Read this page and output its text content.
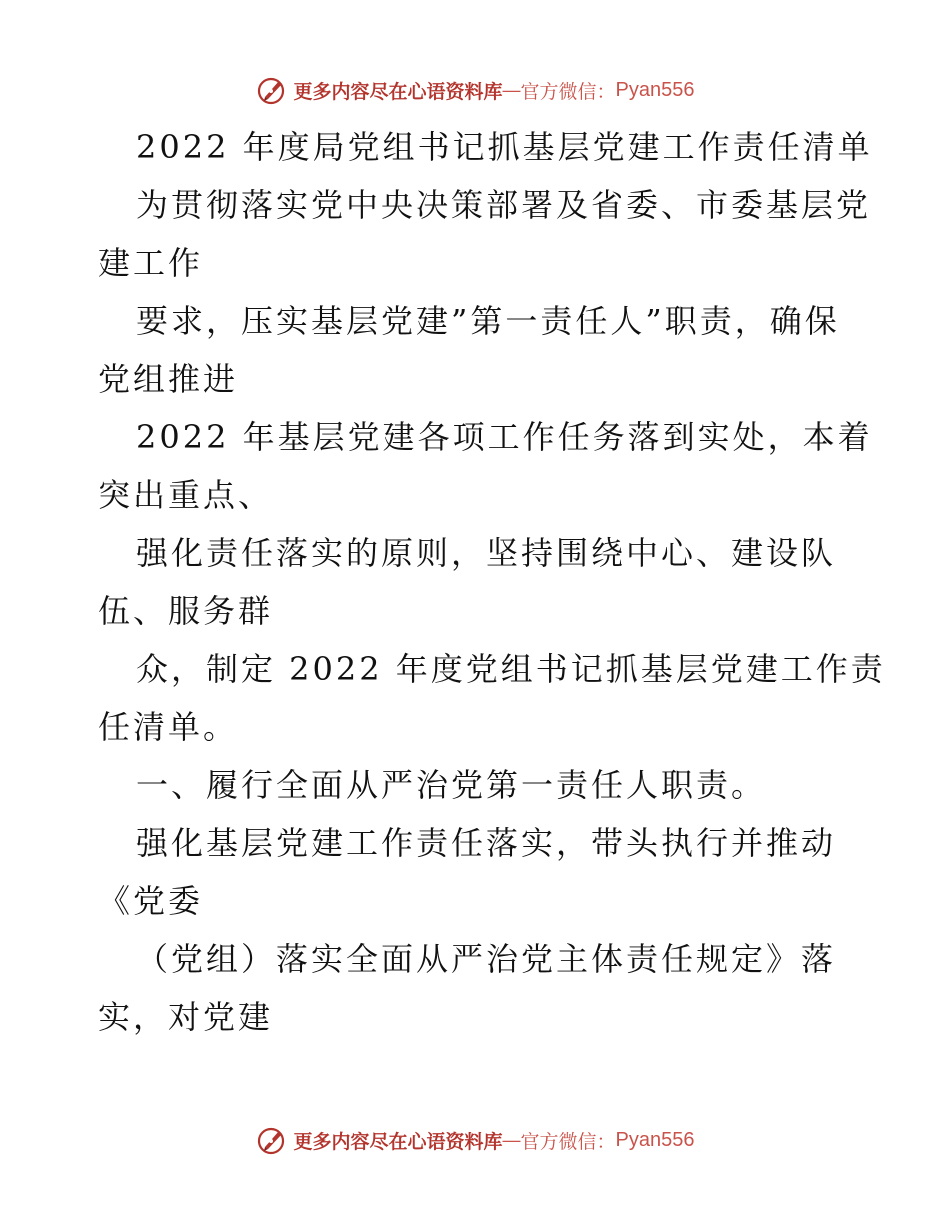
更多内容尽在心语资料库 — 官方微信： Pyan556
2022 年度局党组书记抓基层党建工作责任清单
为贯彻落实党中央决策部署及省委、市委基层党
建工作
要求，压实基层党建”第一责任人”职责，确保
党组推进
2022 年基层党建各项工作任务落到实处，本着
突出重点、
强化责任落实的原则，坚持围绕中心、建设队
伍、服务群
众，制定 2022 年度党组书记抓基层党建工作责
任清单。
一、履行全面从严治党第一责任人职责。
强化基层党建工作责任落实，带头执行并推动
《党委
（党组）落实全面从严治党主体责任规定》落
实，对党建
更多内容尽在心语资料库 — 官方微信： Pyan556
